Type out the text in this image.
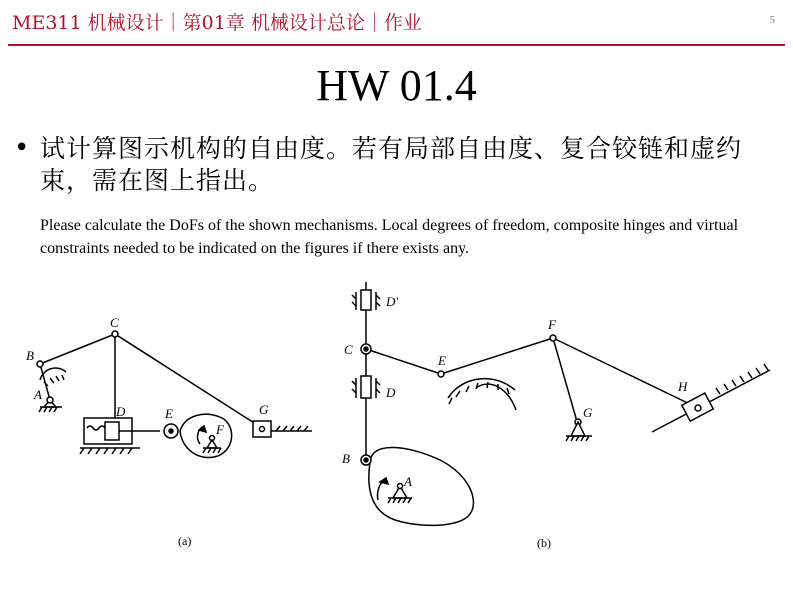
ME311 机械设计｜第01章 机械设计总论｜作业	5
HW 01.4
• 试计算图示机构的自由度。若有局部自由度、复合铰链和虚约束，需在图上指出。
Please calculate the DoFs of the shown mechanisms. Local degrees of freedom, composite hinges and virtual constraints needed to be indicated on the figures if there exists any.
B
A
C
D	E
F
G
(a)
D′
C
D
E
F
G
H
B
A
(b)
